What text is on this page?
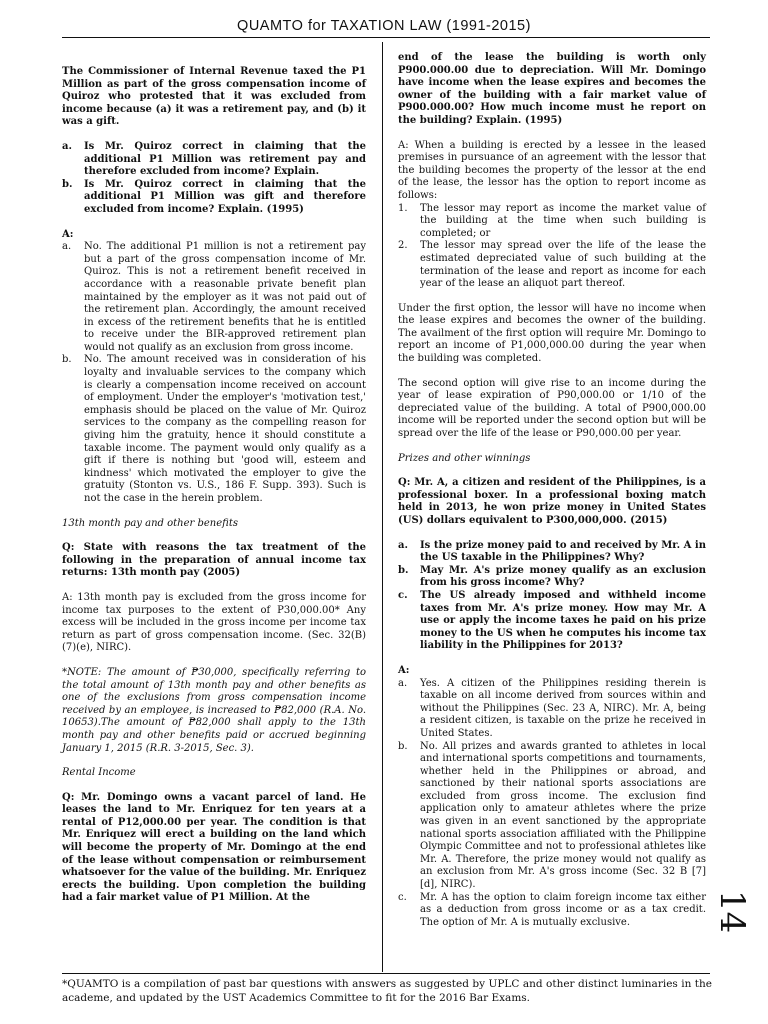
QUAMTO for TAXATION LAW (1991-2015)

The Commissioner of Internal Revenue taxed the P1 Million as part of the gross compensation income of Quiroz who protested that it was excluded from income because (a) it was a retirement pay, and (b) it was a gift.

a. Is Mr. Quiroz correct in claiming that the additional P1 Million was retirement pay and therefore excluded from income? Explain.
b. Is Mr. Quiroz correct in claiming that the additional P1 Million was gift and therefore excluded from income? Explain. (1995)

A:

a. No. The additional P1 million is not a retirement pay but a part of the gross compensation income of Mr. Quiroz. This is not a retirement benefit received in accordance with a reasonable private benefit plan maintained by the employer as it was not paid out of the retirement plan. Accordingly, the amount received in excess of the retirement benefits that he is entitled to receive under the BIR-approved retirement plan would not qualify as an exclusion from gross income.
b. No. The amount received was in consideration of his loyalty and invaluable services to the company which is clearly a compensation income received on account of employment. Under the employer's 'motivation test,' emphasis should be placed on the value of Mr. Quiroz services to the company as the compelling reason for giving him the gratuity, hence it should constitute a taxable income. The payment would only qualify as a gift if there is nothing but 'good will, esteem and kindness' which motivated the employer to give the gratuity (Stonton vs. U.S., 186 F. Supp. 393). Such is not the case in the herein problem.

13th month pay and other benefits

Q: State with reasons the tax treatment of the following in the preparation of annual income tax returns: 13th month pay (2005)

A: 13th month pay is excluded from the gross income for income tax purposes to the extent of P30,000.00* Any excess will be included in the gross income per income tax return as part of gross compensation income. (Sec. 32(B)(7)(e), NIRC).

*NOTE: The amount of ₱30,000, specifically referring to the total amount of 13th month pay and other benefits as one of the exclusions from gross compensation income received by an employee, is increased to ₱82,000 (R.A. No. 10653).The amount of ₱82,000 shall apply to the 13th month pay and other benefits paid or accrued beginning January 1, 2015 (R.R. 3-2015, Sec. 3).

Rental Income

Q: Mr. Domingo owns a vacant parcel of land. He leases the land to Mr. Enriquez for ten years at a rental of P12,000.00 per year. The condition is that Mr. Enriquez will erect a building on the land which will become the property of Mr. Domingo at the end of the lease without compensation or reimbursement whatsoever for the value of the building. Mr. Enriquez erects the building. Upon completion the building had a fair market value of P1 Million. At the

end of the lease the building is worth only P900.000.00 due to depreciation. Will Mr. Domingo have income when the lease expires and becomes the owner of the building with a fair market value of P900.000.00? How much income must he report on the building? Explain. (1995)

A: When a building is erected by a lessee in the leased premises in pursuance of an agreement with the lessor that the building becomes the property of the lessor at the end of the lease, the lessor has the option to report income as follows:

1. The lessor may report as income the market value of the building at the time when such building is completed; or
2. The lessor may spread over the life of the lease the estimated depreciated value of such building at the termination of the lease and report as income for each year of the lease an aliquot part thereof.

Under the first option, the lessor will have no income when the lease expires and becomes the owner of the building. The availment of the first option will require Mr. Domingo to report an income of P1,000,000.00 during the year when the building was completed.

The second option will give rise to an income during the year of lease expiration of P90,000.00 or 1/10 of the depreciated value of the building. A total of P900,000.00 income will be reported under the second option but will be spread over the life of the lease or P90,000.00 per year.

Prizes and other winnings

Q: Mr. A, a citizen and resident of the Philippines, is a professional boxer. In a professional boxing match held in 2013, he won prize money in United States (US) dollars equivalent to P300,000,000. (2015)

a. Is the prize money paid to and received by Mr. A in the US taxable in the Philippines? Why?
b. May Mr. A's prize money qualify as an exclusion from his gross income? Why?
c. The US already imposed and withheld income taxes from Mr. A's prize money. How may Mr. A use or apply the income taxes he paid on his prize money to the US when he computes his income tax liability in the Philippines for 2013?

A:

a. Yes. A citizen of the Philippines residing therein is taxable on all income derived from sources within and without the Philippines (Sec. 23 A, NIRC). Mr. A, being a resident citizen, is taxable on the prize he received in United States.
b. No. All prizes and awards granted to athletes in local and international sports competitions and tournaments, whether held in the Philippines or abroad, and sanctioned by their national sports associations are excluded from gross income. The exclusion find application only to amateur athletes where the prize was given in an event sanctioned by the appropriate national sports association affiliated with the Philippine Olympic Committee and not to professional athletes like Mr. A. Therefore, the prize money would not qualify as an exclusion from Mr. A's gross income (Sec. 32 B [7] [d], NIRC).
c. Mr. A has the option to claim foreign income tax either as a deduction from gross income or as a tax credit. The option of Mr. A is mutually exclusive.	14
*QUAMTO is a compilation of past bar questions with answers as suggested by UPLC and other distinct luminaries in the academe, and updated by the UST Academics Committee to fit for the 2016 Bar Exams.
